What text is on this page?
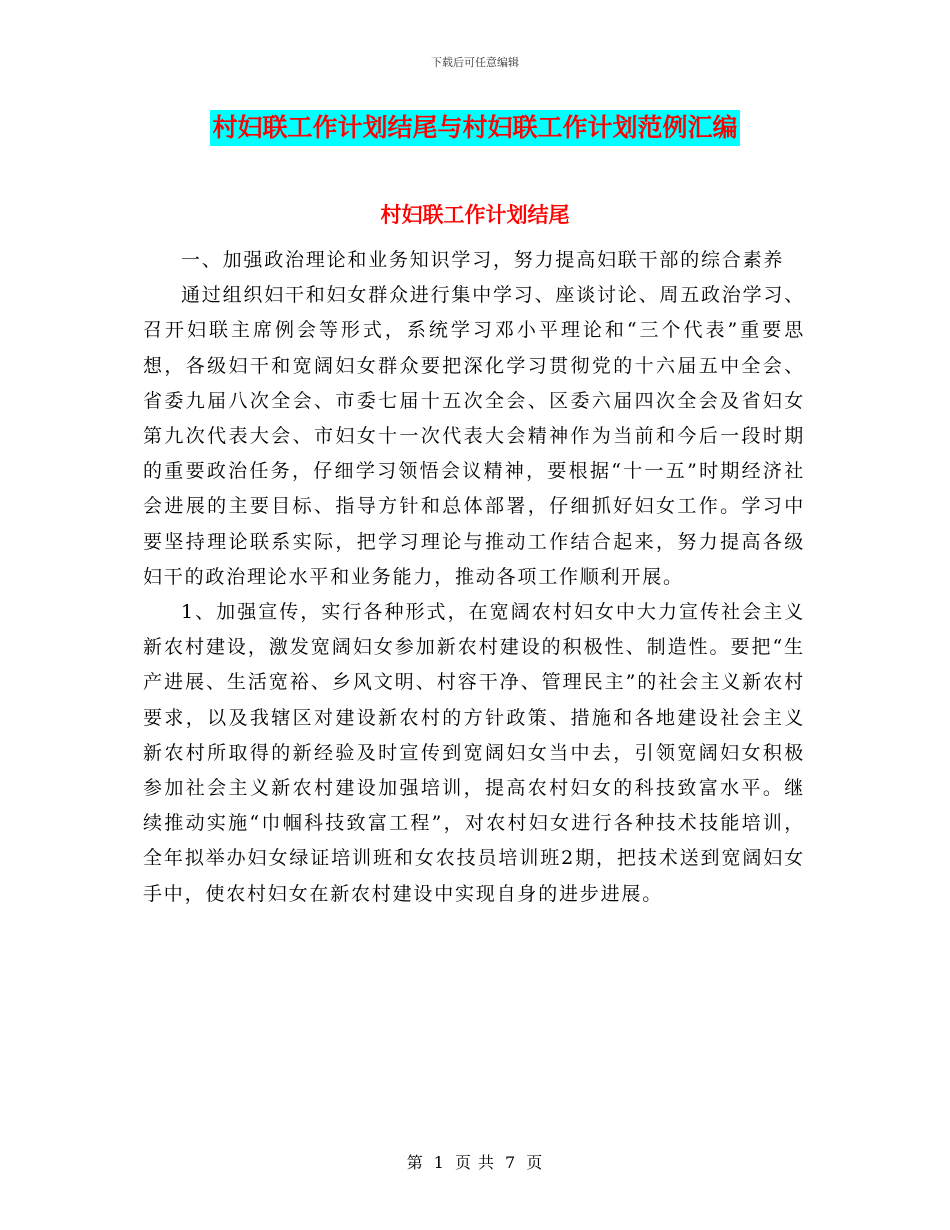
下载后可任意编辑
村妇联工作计划结尾与村妇联工作计划范例汇编
村妇联工作计划结尾

一、加强政治理论和业务知识学习，努力提高妇联干部的综合素养

通过组织妇干和妇女群众进行集中学习、座谈讨论、周五政治学习、召开妇联主席例会等形式，系统学习邓小平理论和“三个代表”重要思想，各级妇干和宽阔妇女群众要把深化学习贯彻党的十六届五中全会、省委九届八次全会、市委七届十五次全会、区委六届四次全会及省妇女第九次代表大会、市妇女十一次代表大会精神作为当前和今后一段时期的重要政治任务，仔细学习领悟会议精神，要根据“十一五”时期经济社会进展的主要目标、指导方针和总体部署，仔细抓好妇女工作。学习中要坚持理论联系实际，把学习理论与推动工作结合起来，努力提高各级妇干的政治理论水平和业务能力，推动各项工作顺利开展。

1、加强宣传，实行各种形式，在宽阔农村妇女中大力宣传社会主义新农村建设，激发宽阔妇女参加新农村建设的积极性、制造性。要把“生产进展、生活宽裕、乡风文明、村容干净、管理民主”的社会主义新农村要求，以及我辖区对建设新农村的方针政策、措施和各地建设社会主义新农村所取得的新经验及时宣传到宽阔妇女当中去，引领宽阔妇女积极参加社会主义新农村建设加强培训，提高农村妇女的科技致富水平。继续推动实施“巾帼科技致富工程”，对农村妇女进行各种技术技能培训，全年拟举办妇女绿证培训班和女农技员培训班2期，把技术送到宽阔妇女手中，使农村妇女在新农村建设中实现自身的进步进展。

第 1 页 共 7 页
